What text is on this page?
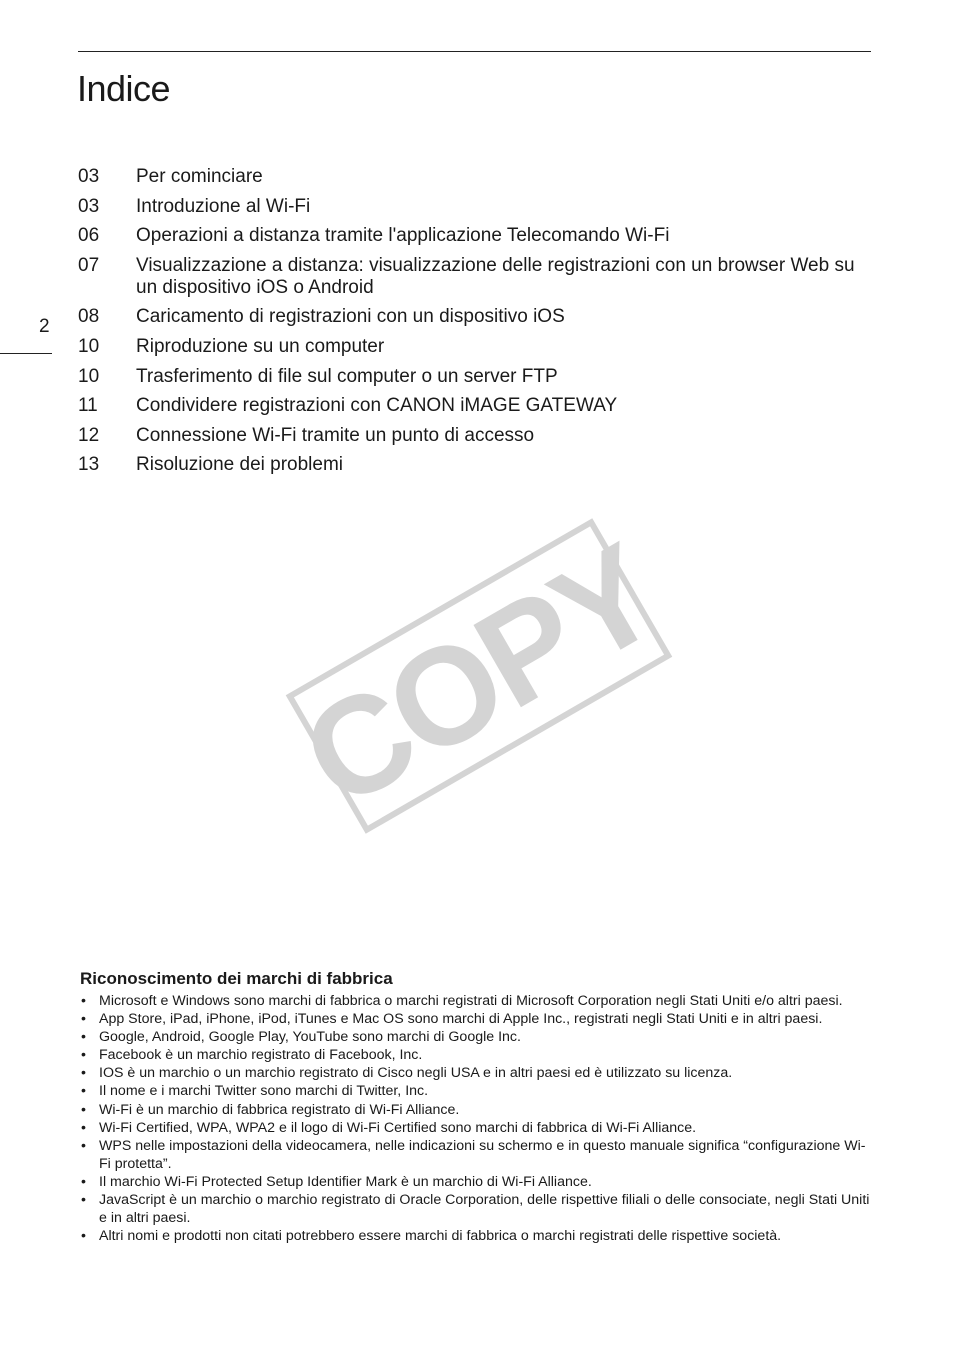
Indice
2
03	Per cominciare
03	Introduzione al Wi-Fi
06	Operazioni a distanza tramite l'applicazione Telecomando Wi-Fi
07	Visualizzazione a distanza: visualizzazione delle registrazioni con un browser Web su un dispositivo iOS o Android
08	Caricamento di registrazioni con un dispositivo iOS
10	Riproduzione su un computer
10	Trasferimento di file sul computer o un server FTP
11	Condividere registrazioni con CANON iMAGE GATEWAY
12	Connessione Wi-Fi tramite un punto di accesso
13	Risoluzione dei problemi
COPY
Riconoscimento dei marchi di fabbrica
• Microsoft e Windows sono marchi di fabbrica o marchi registrati di Microsoft Corporation negli Stati Uniti e/o altri paesi.
• App Store, iPad, iPhone, iPod, iTunes e Mac OS sono marchi di Apple Inc., registrati negli Stati Uniti e in altri paesi.
• Google, Android, Google Play, YouTube sono marchi di Google Inc.
• Facebook è un marchio registrato di Facebook, Inc.
• IOS è un marchio o un marchio registrato di Cisco negli USA e in altri paesi ed è utilizzato su licenza.
• Il nome e i marchi Twitter sono marchi di Twitter, Inc.
• Wi-Fi è un marchio di fabbrica registrato di Wi-Fi Alliance.
• Wi-Fi Certified, WPA, WPA2 e il logo di Wi-Fi Certified sono marchi di fabbrica di Wi-Fi Alliance.
• WPS nelle impostazioni della videocamera, nelle indicazioni su schermo e in questo manuale significa “configurazione Wi-Fi protetta”.
• Il marchio Wi-Fi Protected Setup Identifier Mark è un marchio di Wi-Fi Alliance.
• JavaScript è un marchio o marchio registrato di Oracle Corporation, delle rispettive filiali o delle consociate, negli Stati Uniti e in altri paesi.
• Altri nomi e prodotti non citati potrebbero essere marchi di fabbrica o marchi registrati delle rispettive società.
